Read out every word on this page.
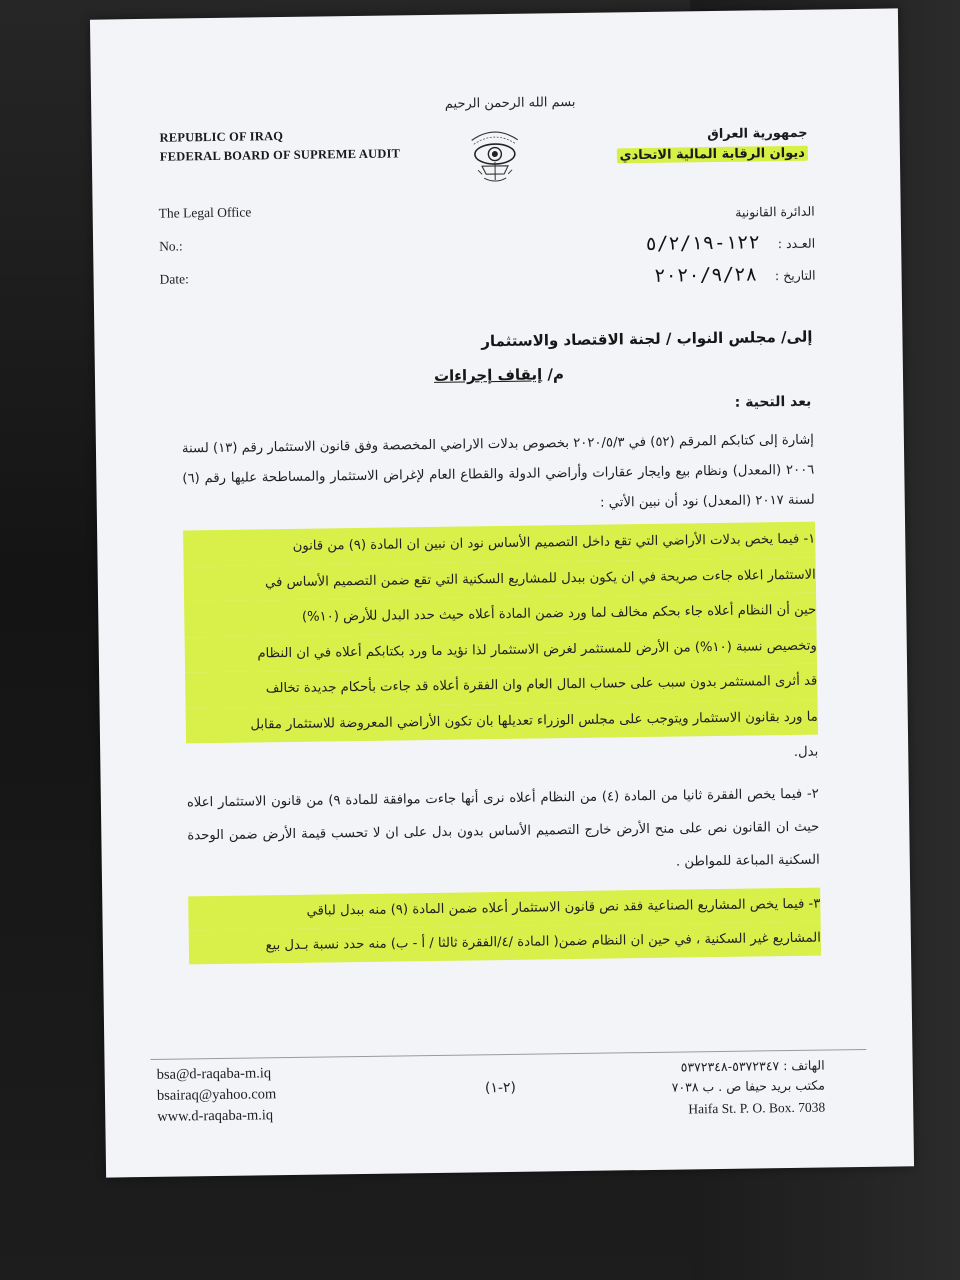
بسم الله الرحمن الرحيم
REPUBLIC OF IRAQ
FEDERAL BOARD OF SUPREME AUDIT
جمهورية العراق
ديوان الرقابة المالية الاتحادي
The Legal Office
No.:
Date:
الدائرة القانونية
العـدد :
١٢٢-٥/٢/١٩
التاريخ :
٢٠٢٠/٩/٢٨
إلى/ مجلس النواب / لجنة الاقتصاد والاستثمار
م/ إيقاف إجراءات
بعد التحية :
إشارة إلى كتابكم المرقم (٥٢) في ٢٠٢٠/٥/٣ بخصوص بدلات الاراضي المخصصة وفق قانون الاستثمار رقم (١٣) لسنة ٢٠٠٦ (المعدل) ونظام بيع وايجار عقارات وأراضي الدولة والقطاع العام لإغراض الاستثمار والمساطحة عليها رقم (٦) لسنة ٢٠١٧ (المعدل) نود أن نبين الأتي :
١- فيما يخص بدلات الأراضي التي تقع داخل التصميم الأساس نود ان نبين ان المادة (٩) من قانون
الاستثمار اعلاه جاءت صريحة في ان يكون ببدل للمشاريع السكنية التي تقع ضمن التصميم الأساس في
حين أن النظام أعلاه جاء بحكم مخالف لما ورد ضمن المادة أعلاه حيث حدد البدل للأرض (١٠%)
وتخصيص نسبة (١٠%) من الأرض للمستثمر لغرض الاستثمار لذا نؤيد ما ورد بكتابكم أعلاه في ان النظام
قد أثرى المستثمر بدون سبب على حساب المال العام وان الفقرة أعلاه قد جاءت بأحكام جديدة تخالف
ما ورد بقانون الاستثمار ويتوجب على مجلس الوزراء تعديلها بان تكون الأراضي المعروضة للاستثمار مقابل
بدل.
٢- فيما يخص الفقرة ثانيا من المادة (٤) من النظام أعلاه نرى أنها جاءت موافقة للمادة ٩) من قانون الاستثمار اعلاه حيث ان القانون نص على منح الأرض خارج التصميم الأساس بدون بدل على ان لا تحسب قيمة الأرض ضمن الوحدة السكنية المباعة للمواطن .
٣- فيما يخص المشاريع الصناعية فقد نص قانون الاستثمار أعلاه ضمن المادة (٩) منه ببدل لباقي
المشاريع غير السكنية ، في حين ان النظام ضمن( المادة /٤/الفقرة ثالثا / أ - ب) منه حدد نسبة بـدل بيع
bsa@d-raqaba-m.iq
bsairaq@yahoo.com
www.d-raqaba-m.iq
(٢-١)
الهاتف : ٥٣٧٢٣٤٧-٥٣٧٢٣٤٨
مكتب بريد حيفا ص . ب ٧٠٣٨
Haifa St. P. O. Box. 7038
